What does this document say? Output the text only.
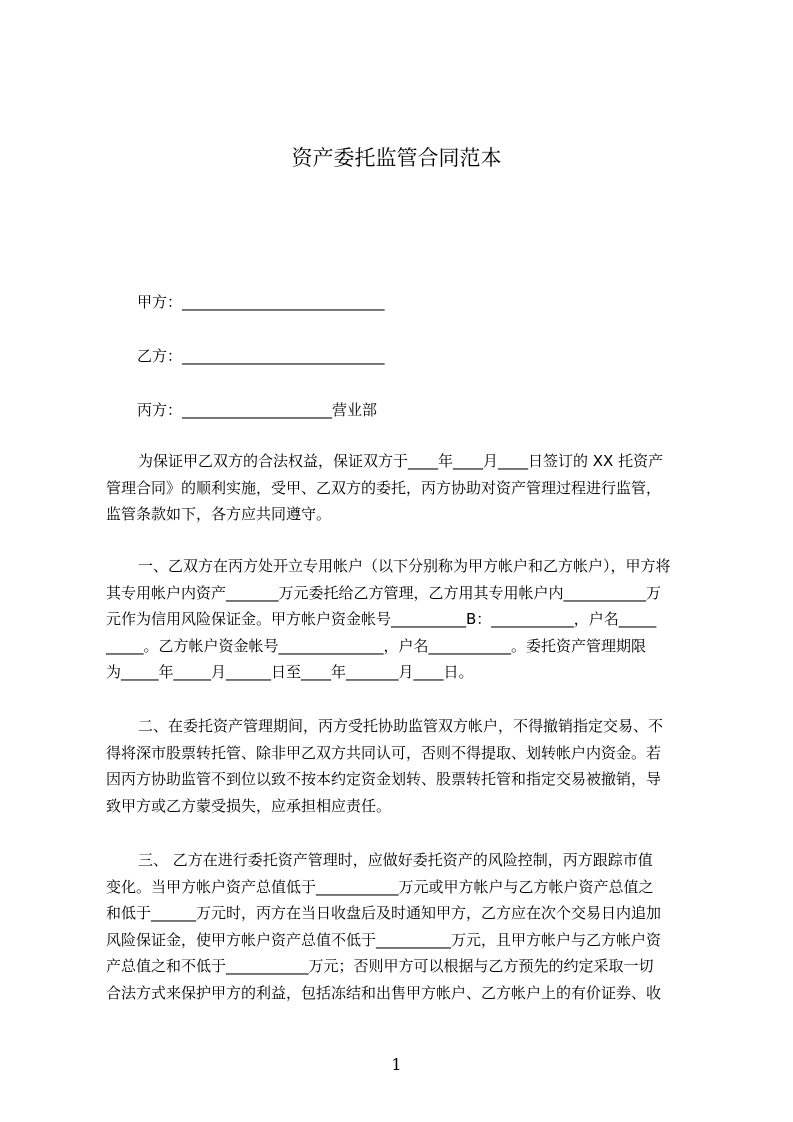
资产委托监管合同范本
甲方：___________________________
乙方：___________________________
丙方：____________________营业部
为保证甲乙双方的合法权益，保证双方于____年____月____日签订的 XX 托资产
管理合同》的顺利实施，受甲、乙双方的委托，丙方协助对资产管理过程进行监管，
监管条款如下，各方应共同遵守。
一、乙双方在丙方处开立专用帐户（以下分别称为甲方帐户和乙方帐户），甲方将
其专用帐户内资产_______万元委托给乙方管理，乙方用其专用帐户内___________万
元作为信用风险保证金。甲方帐户资金帐号__________B：___________，户名_____
_____。乙方帐户资金帐号______________，户名___________。委托资产管理期限
为_____年_____月______日至____年_______月____日。
二、在委托资产管理期间，丙方受托协助监管双方帐户，不得撤销指定交易、不
得将深市股票转托管、除非甲乙双方共同认可，否则不得提取、划转帐户内资金。若
因丙方协助监管不到位以致不按本约定资金划转、股票转托管和指定交易被撤销，导
致甲方或乙方蒙受损失，应承担相应责任。
三、 乙方在进行委托资产管理时，应做好委托资产的风险控制，丙方跟踪市值
变化。当甲方帐户资产总值低于___________万元或甲方帐户与乙方帐户资产总值之
和低于______万元时，丙方在当日收盘后及时通知甲方，乙方应在次个交易日内追加
风险保证金，使甲方帐户资产总值不低于__________万元，且甲方帐户与乙方帐户资
产总值之和不低于___________万元；否则甲方可以根据与乙方预先的约定采取一切
合法方式来保护甲方的利益，包括冻结和出售甲方帐户、乙方帐户上的有价证券、收
1
